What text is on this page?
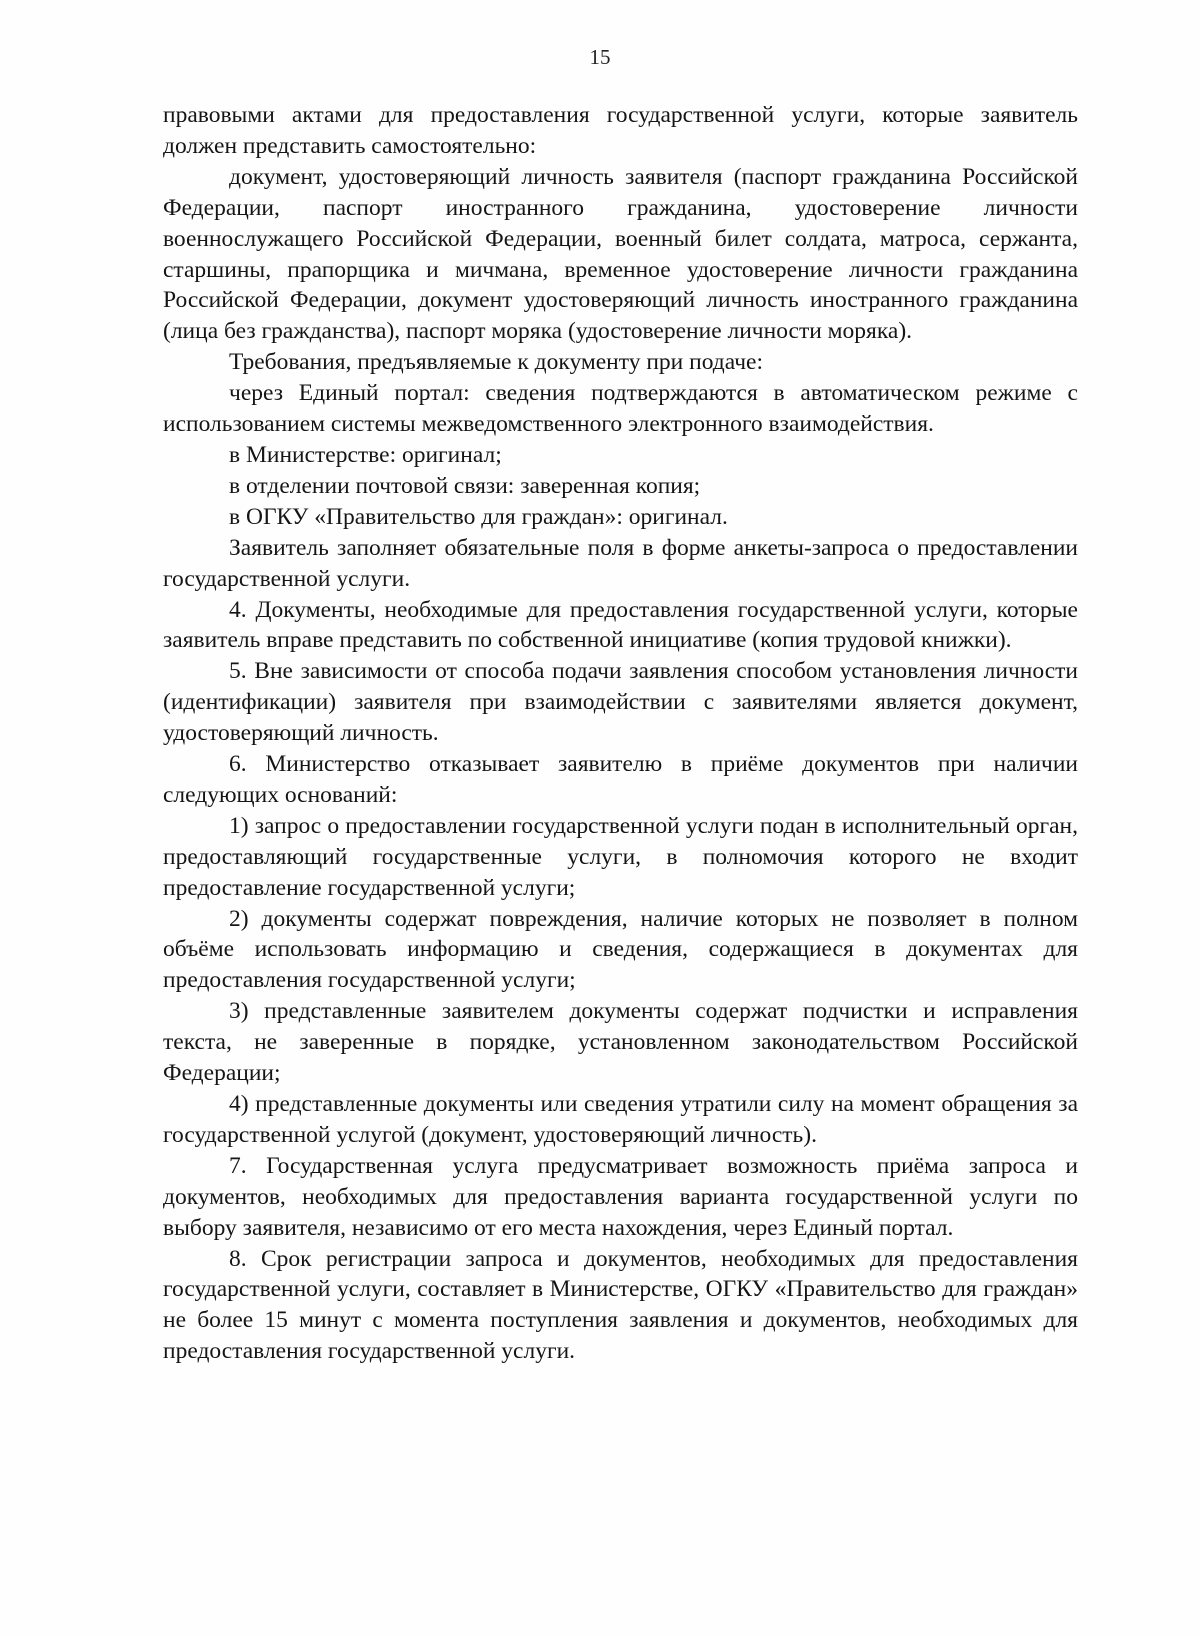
15

правовыми актами для предоставления государственной услуги, которые заявитель должен представить самостоятельно:

документ, удостоверяющий личность заявителя (паспорт гражданина Российской Федерации, паспорт иностранного гражданина, удостоверение личности военнослужащего Российской Федерации, военный билет солдата, матроса, сержанта, старшины, прапорщика и мичмана, временное удостоверение личности гражданина Российской Федерации, документ удостоверяющий личность иностранного гражданина (лица без гражданства), паспорт моряка (удостоверение личности моряка).

Требования, предъявляемые к документу при подаче:

через Единый портал: сведения подтверждаются в автоматическом режиме с использованием системы межведомственного электронного взаимодействия.

в Министерстве: оригинал;

в отделении почтовой связи: заверенная копия;

в ОГКУ «Правительство для граждан»: оригинал.

Заявитель заполняет обязательные поля в форме анкеты-запроса о предоставлении государственной услуги.

4. Документы, необходимые для предоставления государственной услуги, которые заявитель вправе представить по собственной инициативе (копия трудовой книжки).

5. Вне зависимости от способа подачи заявления способом установления личности (идентификации) заявителя при взаимодействии с заявителями является документ, удостоверяющий личность.

6. Министерство отказывает заявителю в приёме документов при наличии следующих оснований:

1) запрос о предоставлении государственной услуги подан в исполнительный орган, предоставляющий государственные услуги, в полномочия которого не входит предоставление государственной услуги;

2) документы содержат повреждения, наличие которых не позволяет в полном объёме использовать информацию и сведения, содержащиеся в документах для предоставления государственной услуги;

3) представленные заявителем документы содержат подчистки и исправления текста, не заверенные в порядке, установленном законодательством Российской Федерации;

4) представленные документы или сведения утратили силу на момент обращения за государственной услугой (документ, удостоверяющий личность).

7. Государственная услуга предусматривает возможность приёма запроса и документов, необходимых для предоставления варианта государственной услуги по выбору заявителя, независимо от его места нахождения, через Единый портал.

8. Срок регистрации запроса и документов, необходимых для предоставления государственной услуги, составляет в Министерстве, ОГКУ «Правительство для граждан» не более 15 минут с момента поступления заявления и документов, необходимых для предоставления государственной услуги.
